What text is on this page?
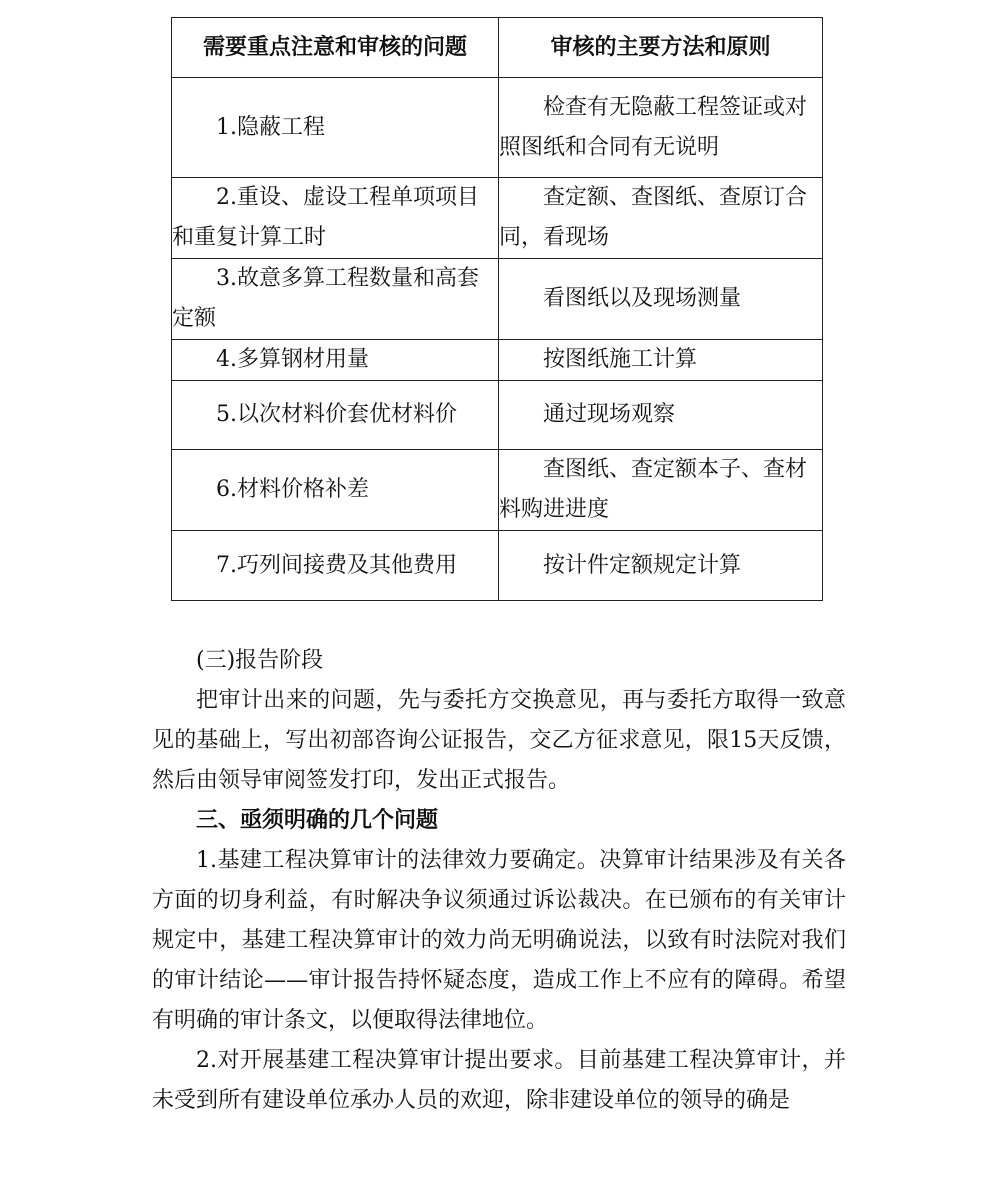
需要重点注意和审核的问题	审核的主要方法和原则
1.隐蔽工程	检查有无隐蔽工程签证或对照图纸和合同有无说明
2.重设、虚设工程单项项目和重复计算工时	查定额、查图纸、查原订合同，看现场
3.故意多算工程数量和高套定额	看图纸以及现场测量
4.多算钢材用量	按图纸施工计算
5.以次材料价套优材料价	通过现场观察
6.材料价格补差	查图纸、查定额本子、查材料购进进度
7.巧列间接费及其他费用	按计件定额规定计算

(三)报告阶段

把审计出来的问题，先与委托方交换意见，再与委托方取得一致意见的基础上，写出初部咨询公证报告，交乙方征求意见，限15天反馈，然后由领导审阅签发打印，发出正式报告。

三、亟须明确的几个问题

1.基建工程决算审计的法律效力要确定。决算审计结果涉及有关各方面的切身利益，有时解决争议须通过诉讼裁决。在已颁布的有关审计规定中，基建工程决算审计的效力尚无明确说法，以致有时法院对我们的审计结论——审计报告持怀疑态度，造成工作上不应有的障碍。希望有明确的审计条文，以便取得法律地位。

2.对开展基建工程决算审计提出要求。目前基建工程决算审计，并未受到所有建设单位承办人员的欢迎，除非建设单位的领导的确是
